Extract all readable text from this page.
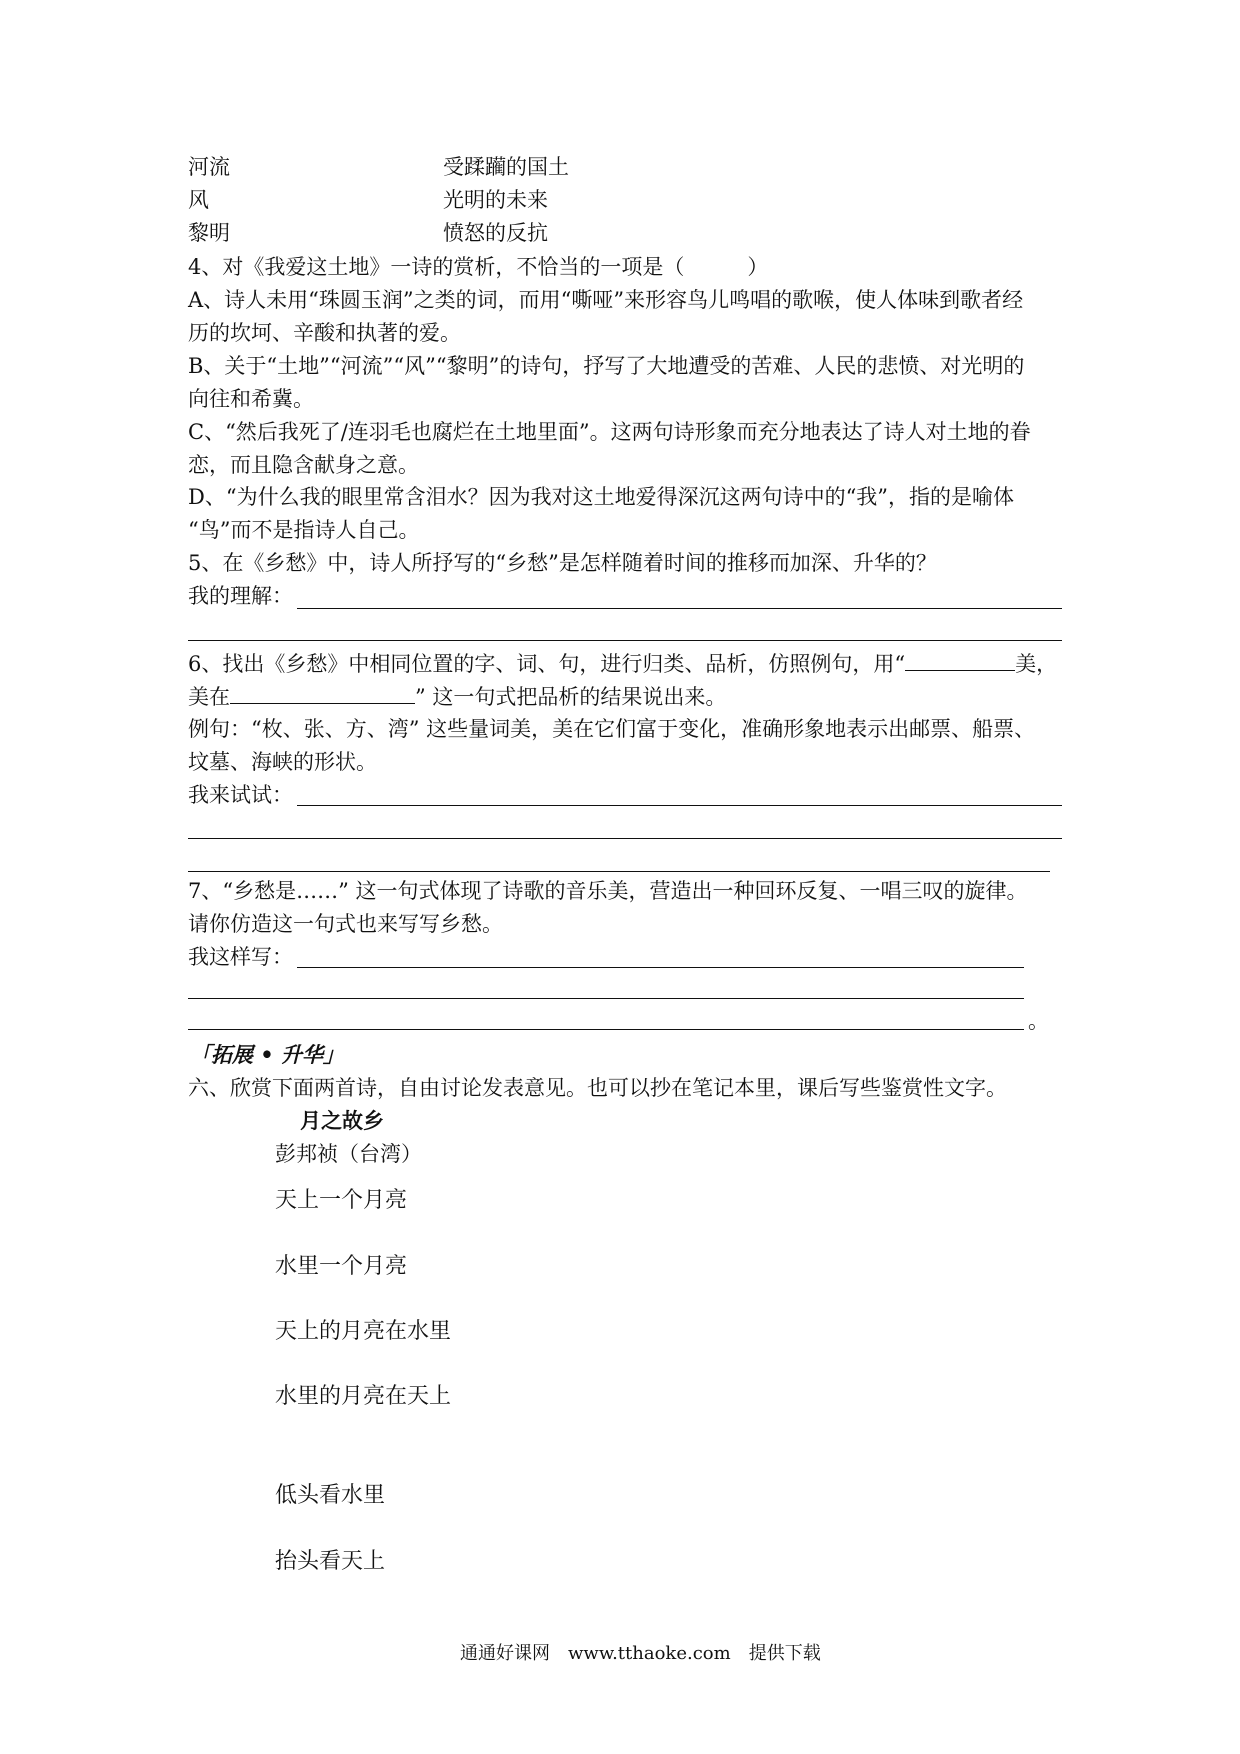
河流	受蹂躏的国土
风	光明的未来
黎明	愤怒的反抗
4、对《我爱这土地》一诗的赏析，不恰当的一项是（　　　）
A、诗人未用“珠圆玉润”之类的词，而用“嘶哑”来形容鸟儿鸣唱的歌喉，使人体味到歌者经
历的坎坷、辛酸和执著的爱。
B、关于“土地”“河流”“风”“黎明”的诗句，抒写了大地遭受的苦难、人民的悲愤、对光明的
向往和希冀。
C、“然后我死了/连羽毛也腐烂在土地里面”。这两句诗形象而充分地表达了诗人对土地的眷
恋，而且隐含献身之意。
D、“为什么我的眼里常含泪水？因为我对这土地爱得深沉这两句诗中的“我”，指的是喻体
“鸟”而不是指诗人自己。
5、在《乡愁》中，诗人所抒写的“乡愁”是怎样随着时间的推移而加深、升华的？
我的理解：
6、找出《乡愁》中相同位置的字、词、句，进行归类、品析，仿照例句，用“	美，
美在	” 这一句式把品析的结果说出来。
例句：“枚、张、方、湾” 这些量词美，美在它们富于变化，准确形象地表示出邮票、船票、
坟墓、海峡的形状。
我来试试：
7、“乡愁是……” 这一句式体现了诗歌的音乐美，营造出一种回环反复、一唱三叹的旋律。
请你仿造这一句式也来写写乡愁。
我这样写：
。
「拓展 • 升华」
六、欣赏下面两首诗，自由讨论发表意见。也可以抄在笔记本里，课后写些鉴赏性文字。
月之故乡
彭邦祯（台湾）
天上一个月亮
水里一个月亮
天上的月亮在水里
水里的月亮在天上
低头看水里
抬头看天上
通通好课网　www.tthaoke.com　提供下载
